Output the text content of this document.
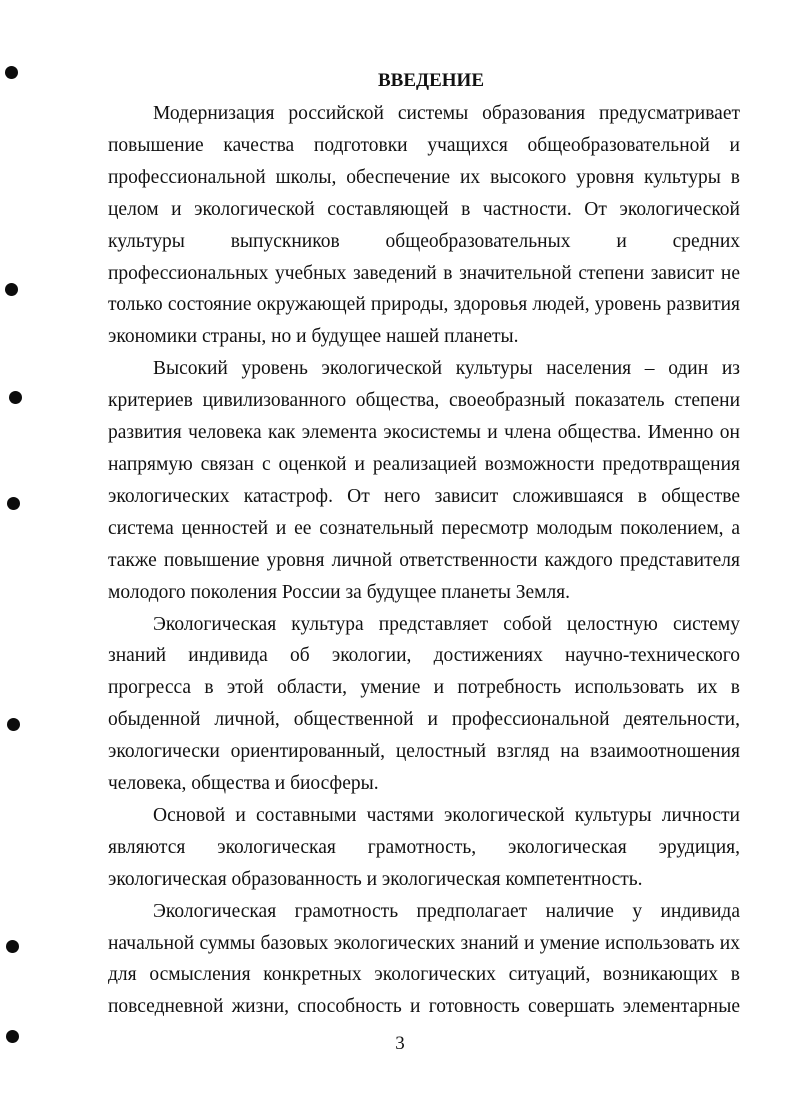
ВВЕДЕНИЕ

Модернизация российской системы образования предусматривает повышение качества подготовки учащихся общеобразовательной и профессиональной школы, обеспечение их высокого уровня культуры в целом и экологической составляющей в частности. От экологической культуры выпускников общеобразовательных и средних профессиональных учебных заведений в значительной степени зависит не только состояние окружающей природы, здоровья людей, уровень развития экономики страны, но и будущее нашей планеты.

Высокий уровень экологической культуры населения – один из критериев цивилизованного общества, своеобразный показатель степени развития человека как элемента экосистемы и члена общества. Именно он напрямую связан с оценкой и реализацией возможности предотвращения экологических катастроф. От него зависит сложившаяся в обществе система ценностей и ее сознательный пересмотр молодым поколением, а также повышение уровня личной ответственности каждого представителя молодого поколения России за будущее планеты Земля.

Экологическая культура представляет собой целостную систему знаний индивида об экологии, достижениях научно-технического прогресса в этой области, умение и потребность использовать их в обыденной личной, общественной и профессиональной деятельности, экологически ориентированный, целостный взгляд на взаимоотношения человека, общества и биосферы.

Основой и составными частями экологической культуры личности являются экологическая грамотность, экологическая эрудиция, экологическая образованность и экологическая компетентность.

Экологическая грамотность предполагает наличие у индивида начальной суммы базовых экологических знаний и умение использовать их для осмысления конкретных экологических ситуаций, возникающих в повседневной жизни, способность и готовность совершать элементарные

3
